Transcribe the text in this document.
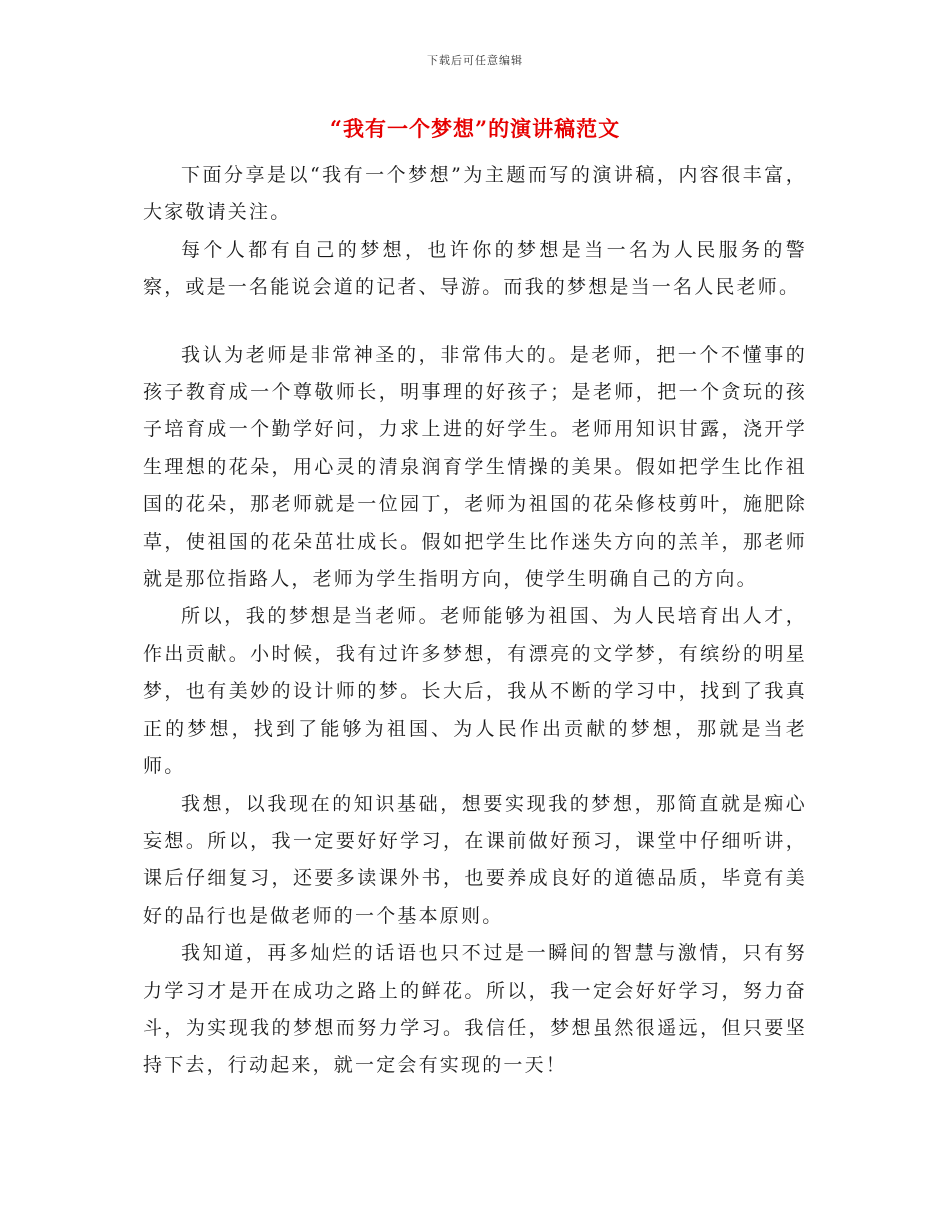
下载后可任意编辑
“我有一个梦想”的演讲稿范文

下面分享是以“我有一个梦想”为主题而写的演讲稿，内容很丰富，大家敬请关注。

每个人都有自己的梦想，也许你的梦想是当一名为人民服务的警察，或是一名能说会道的记者、导游。而我的梦想是当一名人民老师。

我认为老师是非常神圣的，非常伟大的。是老师，把一个不懂事的孩子教育成一个尊敬师长，明事理的好孩子；是老师，把一个贪玩的孩子培育成一个勤学好问，力求上进的好学生。老师用知识甘露，浇开学生理想的花朵，用心灵的清泉润育学生情操的美果。假如把学生比作祖国的花朵，那老师就是一位园丁，老师为祖国的花朵修枝剪叶，施肥除草，使祖国的花朵茁壮成长。假如把学生比作迷失方向的羔羊，那老师就是那位指路人，老师为学生指明方向，使学生明确自己的方向。

所以，我的梦想是当老师。老师能够为祖国、为人民培育出人才，作出贡献。小时候，我有过许多梦想，有漂亮的文学梦，有缤纷的明星梦，也有美妙的设计师的梦。长大后，我从不断的学习中，找到了我真正的梦想，找到了能够为祖国、为人民作出贡献的梦想，那就是当老师。

我想，以我现在的知识基础，想要实现我的梦想，那简直就是痴心妄想。所以，我一定要好好学习，在课前做好预习，课堂中仔细听讲，课后仔细复习，还要多读课外书，也要养成良好的道德品质，毕竟有美好的品行也是做老师的一个基本原则。

我知道，再多灿烂的话语也只不过是一瞬间的智慧与激情，只有努力学习才是开在成功之路上的鲜花。所以，我一定会好好学习，努力奋斗，为实现我的梦想而努力学习。我信任，梦想虽然很遥远，但只要坚持下去，行动起来，就一定会有实现的一天！
